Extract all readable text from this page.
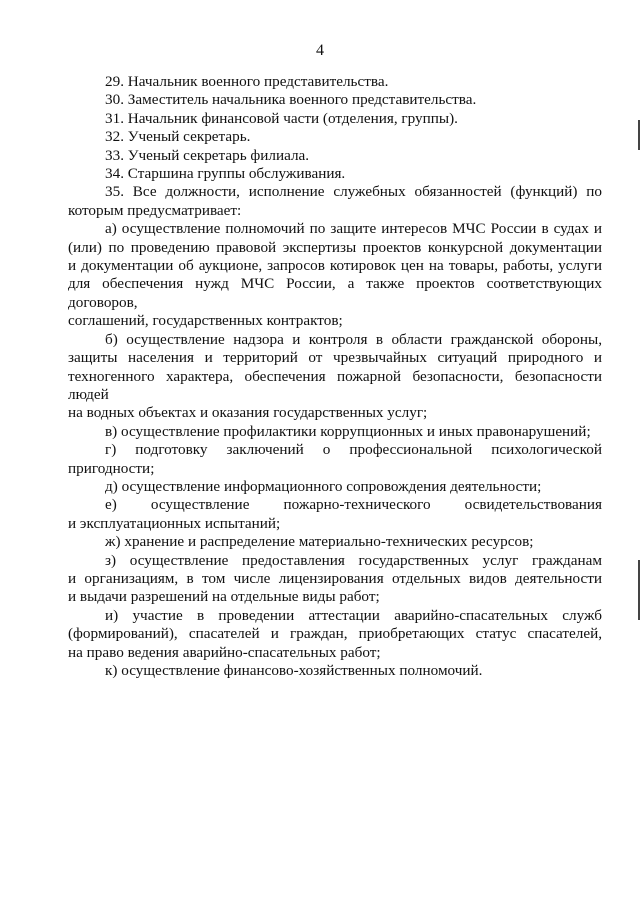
4

29. Начальник военного представительства.

30. Заместитель начальника военного представительства.

31. Начальник финансовой части (отделения, группы).

32. Ученый секретарь.

33. Ученый секретарь филиала.

34. Старшина группы обслуживания.

35. Все должности, исполнение служебных обязанностей (функций) по

которым предусматривает:

а) осуществление полномочий по защите интересов МЧС России в судах и

(или) по проведению правовой экспертизы проектов конкурсной документации

и документации об аукционе, запросов котировок цен на товары, работы, услуги

для обеспечения нужд МЧС России, а также проектов соответствующих договоров,

соглашений, государственных контрактов;

б) осуществление надзора и контроля в области гражданской обороны,

защиты населения и территорий от чрезвычайных ситуаций природного и

техногенного характера, обеспечения пожарной безопасности, безопасности людей

на водных объектах и оказания государственных услуг;

в) осуществление профилактики коррупционных и иных правонарушений;

г) подготовку заключений о профессиональной психологической

пригодности;

д) осуществление информационного сопровождения деятельности;

е) осуществление пожарно-технического освидетельствования

и эксплуатационных испытаний;

ж) хранение и распределение материально-технических ресурсов;

з) осуществление предоставления государственных услуг гражданам

и организациям, в том числе лицензирования отдельных видов деятельности

и выдачи разрешений на отдельные виды работ;

и) участие в проведении аттестации аварийно-спасательных служб

(формирований), спасателей и граждан, приобретающих статус спасателей,

на право ведения аварийно-спасательных работ;

к) осуществление финансово-хозяйственных полномочий.
